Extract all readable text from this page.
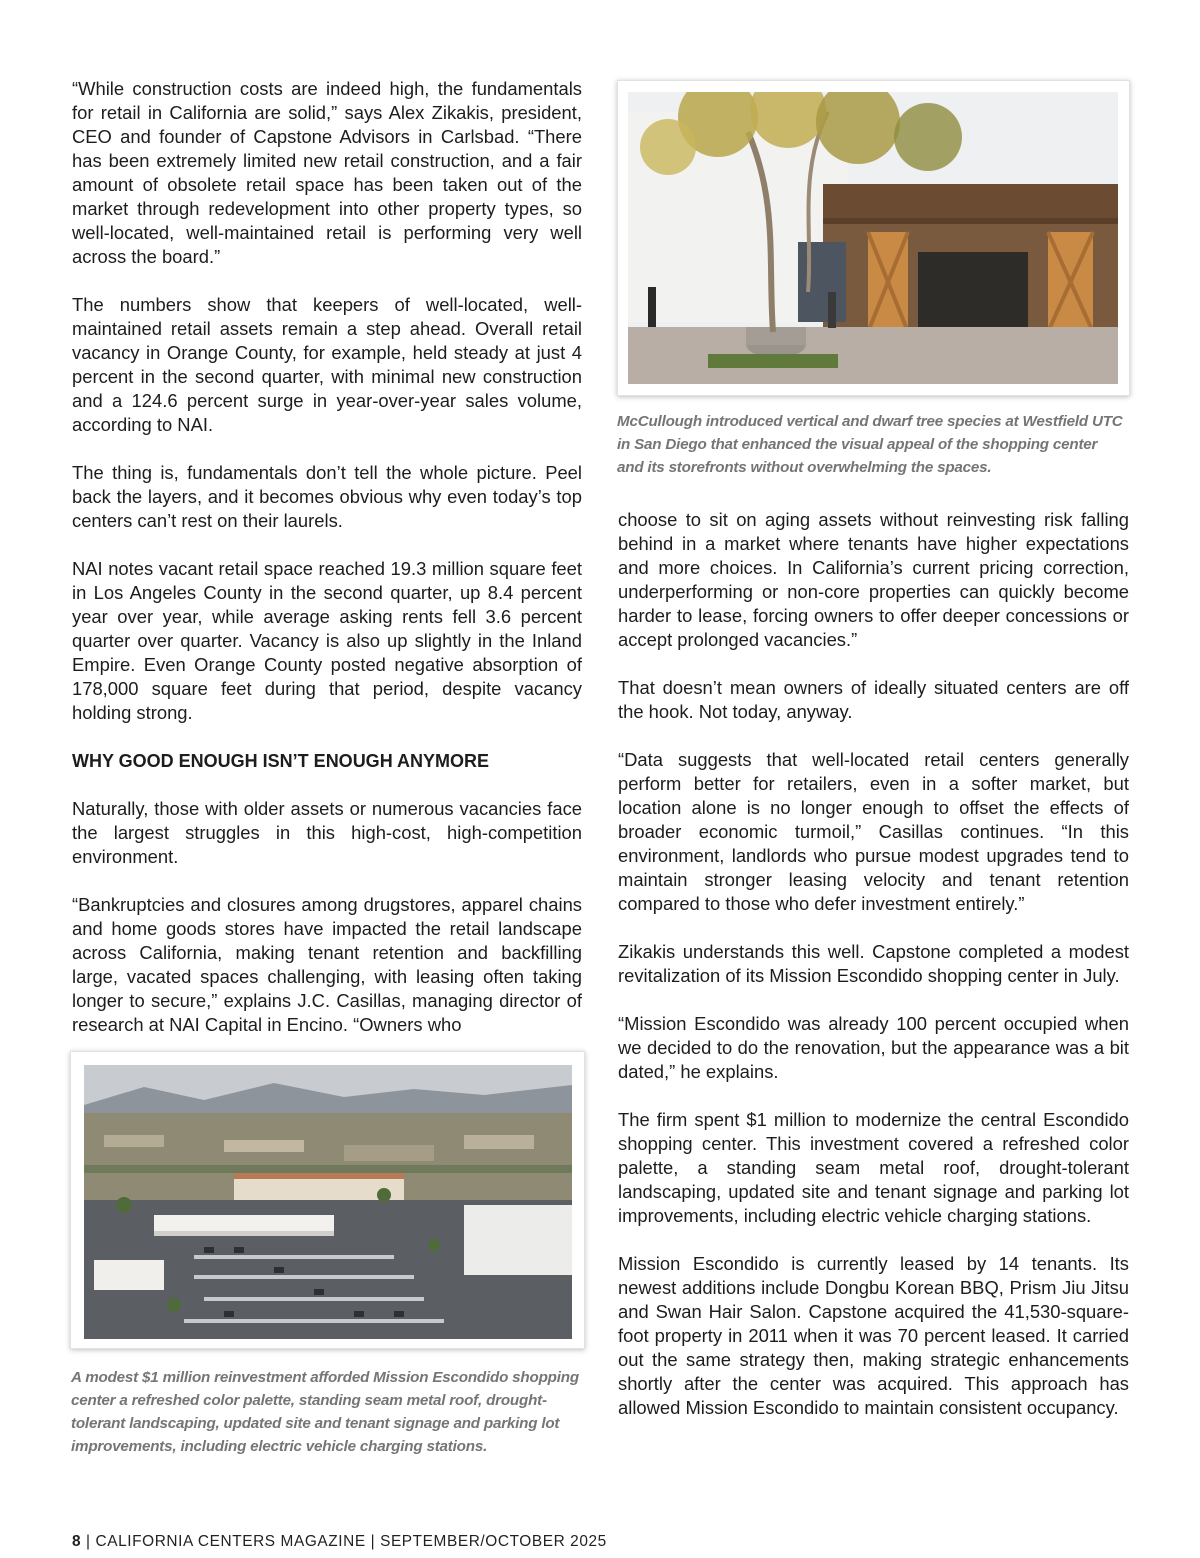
“While construction costs are indeed high, the fundamentals for retail in California are solid,” says Alex Zikakis, president, CEO and founder of Capstone Advisors in Carlsbad. “There has been extremely limited new retail construction, and a fair amount of obsolete retail space has been taken out of the market through redevelopment into other property types, so well-located, well-maintained retail is performing very well across the board.”

The numbers show that keepers of well-located, well-maintained retail assets remain a step ahead. Overall retail vacancy in Orange County, for example, held steady at just 4 percent in the second quarter, with minimal new construction and a 124.6 percent surge in year-over-year sales volume, according to NAI.

The thing is, fundamentals don’t tell the whole picture. Peel back the layers, and it becomes obvious why even today’s top centers can’t rest on their laurels.

NAI notes vacant retail space reached 19.3 million square feet in Los Angeles County in the second quarter, up 8.4 percent year over year, while average asking rents fell 3.6 percent quarter over quarter. Vacancy is also up slightly in the Inland Empire. Even Orange County posted negative absorption of 178,000 square feet during that period, despite vacancy holding strong.

WHY GOOD ENOUGH ISN’T ENOUGH ANYMORE

Naturally, those with older assets or numerous vacancies face the largest struggles in this high-cost, high-competition environment.

“Bankruptcies and closures among drugstores, apparel chains and home goods stores have impacted the retail landscape across California, making tenant retention and backfilling large, vacated spaces challenging, with leasing often taking longer to secure,” explains J.C. Casillas, managing director of research at NAI Capital in Encino. “Owners who

choose to sit on aging assets without reinvesting risk falling behind in a market where tenants have higher expectations and more choices. In California’s current pricing correction, underperforming or non-core properties can quickly become harder to lease, forcing owners to offer deeper concessions or accept prolonged vacancies.”

That doesn’t mean owners of ideally situated centers are off the hook. Not today, anyway.

“Data suggests that well-located retail centers generally perform better for retailers, even in a softer market, but location alone is no longer enough to offset the effects of broader economic turmoil,” Casillas continues. “In this environment, landlords who pursue modest upgrades tend to maintain stronger leasing velocity and tenant retention compared to those who defer investment entirely.”

Zikakis understands this well. Capstone completed a modest revitalization of its Mission Escondido shopping center in July.

“Mission Escondido was already 100 percent occupied when we decided to do the renovation, but the appearance was a bit dated,” he explains.

The firm spent $1 million to modernize the central Escondido shopping center. This investment covered a refreshed color palette, a standing seam metal roof, drought-tolerant landscaping, updated site and tenant signage and parking lot improvements, including electric vehicle charging stations.

Mission Escondido is currently leased by 14 tenants. Its newest additions include Dongbu Korean BBQ, Prism Jiu Jitsu and Swan Hair Salon. Capstone acquired the 41,530-square-foot property in 2011 when it was 70 percent leased. It carried out the same strategy then, making strategic enhancements shortly after the center was acquired. This approach has allowed Mission Escondido to maintain consistent occupancy.

McCullough introduced vertical and dwarf tree species at Westfield UTC in San Diego that enhanced the visual appeal of the shopping center and its storefronts without overwhelming the spaces.
A modest $1 million reinvestment afforded Mission Escondido shopping center a refreshed color palette, standing seam metal roof, drought-tolerant landscaping, updated site and tenant signage and parking lot improvements, including electric vehicle charging stations.
8 | CALIFORNIA CENTERS MAGAZINE | SEPTEMBER/OCTOBER 2025
